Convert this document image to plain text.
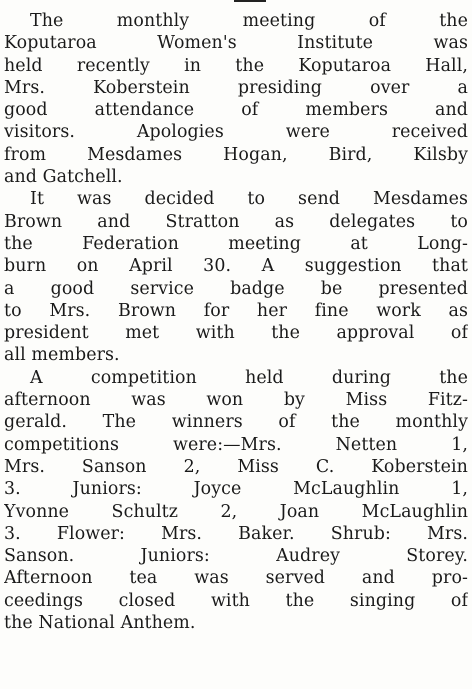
The monthly meeting of the
Koputaroa Women's Institute was
held recently in the Koputaroa Hall,
Mrs. Koberstein presiding over a
good attendance of members and
visitors. Apologies were received
from Mesdames Hogan, Bird, Kilsby
and Gatchell.
It was decided to send Mesdames
Brown and Stratton as delegates to
the Federation meeting at Long-
burn on April 30. A suggestion that
a good service badge be presented
to Mrs. Brown for her fine work as
president met with the approval of
all members.
A competition held during the
afternoon was won by Miss Fitz-
gerald. The winners of the monthly
competitions were:—Mrs. Netten 1,
Mrs. Sanson 2, Miss C. Koberstein
3. Juniors: Joyce McLaughlin 1,
Yvonne Schultz 2, Joan McLaughlin
3. Flower: Mrs. Baker. Shrub: Mrs.
Sanson. Juniors: Audrey Storey.
Afternoon tea was served and pro-
ceedings closed with the singing of
the National Anthem.
